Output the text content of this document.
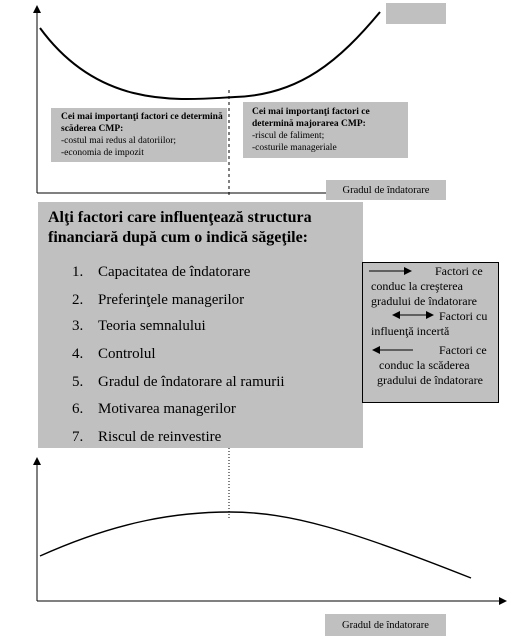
Cei mai importanţi factori ce determină scăderea CMP:
-costul mai redus al datoriilor;
-economia de impozit
Cei mai importanţi factori ce determină majorarea CMP:
-riscul de faliment;
-costurile manageriale
Gradul de îndatorare
Alţi factori care influenţează structura financiară după cum o indică săgeţile:
1. Capacitatea de îndatorare
2. Preferinţele managerilor
3. Teoria semnalului
4. Controlul
5. Gradul de îndatorare al ramurii
6. Motivarea managerilor
7. Riscul de reinvestire
Factori ce
conduc la creşterea
gradului de îndatorare
Factori cu
influenţă incertă
Factori ce
conduc la scăderea
gradului de îndatorare
Gradul de îndatorare
